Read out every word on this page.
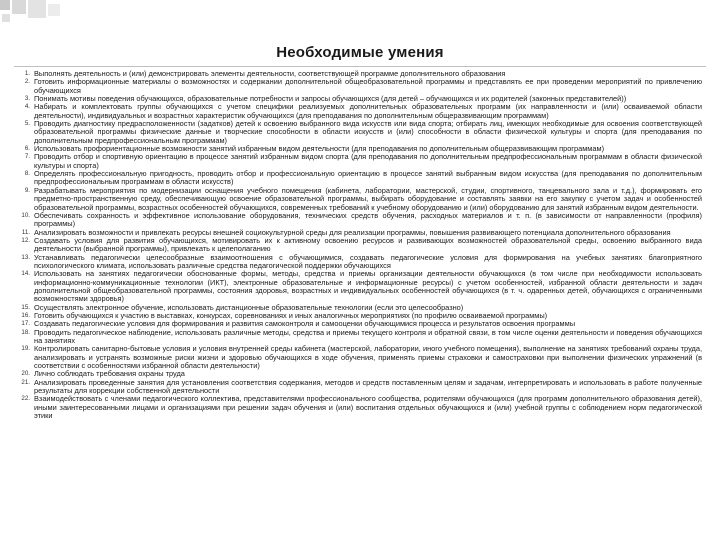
Необходимые умения
1. Выполнять деятельность и (или) демонстрировать элементы деятельности, соответствующей программе дополнительного образования
2. Готовить информационные материалы о возможностях и содержании дополнительной общеобразовательной программы и представлять ее при проведении мероприятий по привлечению обучающихся
3. Понимать мотивы поведения обучающихся, образовательные потребности и запросы обучающихся (для детей – обучающихся и их родителей (законных представителей))
4. Набирать и комплектовать группы обучающихся с учетом специфики реализуемых дополнительных образовательных программ (их направленности и (или) осваиваемой области деятельности), индивидуальных и возрастных характеристик обучающихся (для преподавания по дополнительным общеразвивающим программам)
5. Проводить диагностику предрасположенности (задатков) детей к освоению выбранного вида искусств или вида спорта; отбирать лиц, имеющих необходимые для освоения соответствующей образовательной программы физические данные и творческие способности в области искусств и (или) способности в области физической культуры и спорта (для преподавания по дополнительным предпрофессиональным программам)
6. Использовать профориентационные возможности занятий избранным видом деятельности (для преподавания по дополнительным общеразвивающим программам)
7. Проводить отбор и спортивную ориентацию в процессе занятий избранным видом спорта (для преподавания по дополнительным предпрофессиональным программам в области физической культуры и спорта)
8. Определять профессиональную пригодность, проводить отбор и профессиональную ориентацию в процессе занятий выбранным видом искусства (для преподавания по дополнительным предпрофессиональным программам в области искусств)
9. Разрабатывать мероприятия по модернизации оснащения учебного помещения (кабинета, лаборатории, мастерской, студии, спортивного, танцевального зала и т.д.), формировать его предметно-пространственную среду, обеспечивающую освоение образовательной программы, выбирать оборудование и составлять заявки на его закупку с учетом задач и особенностей образовательной программы, возрастных особенностей обучающихся, современных требований к учебному оборудованию и (или) оборудованию для занятий избранным видом деятельности.
10. Обеспечивать сохранность и эффективное использование оборудования, технических средств обучения, расходных материалов и т. п. (в зависимости от направленности (профиля) программы)
11. Анализировать возможности и привлекать ресурсы внешней социокультурной среды для реализации программы, повышения развивающего потенциала дополнительного образования
12. Создавать условия для развития обучающихся, мотивировать их к активному освоению ресурсов и развивающих возможностей образовательной среды, освоению выбранного вида деятельности (выбранной программы), привлекать к целеполаганию
13. Устанавливать педагогически целесообразные взаимоотношения с обучающимися, создавать педагогические условия для формирования на учебных занятиях благоприятного психологического климата, использовать различные средства педагогической поддержки обучающихся
14. Использовать на занятиях педагогически обоснованные формы, методы, средства и приемы организации деятельности обучающихся (в том числе при необходимости использовать информационно-коммуникационные технологии (ИКТ), электронные образовательные и информационные ресурсы) с учетом особенностей, избранной области деятельности и задач дополнительной общеобразовательной программы, состояния здоровья, возрастных и индивидуальных особенностей обучающихся (в т. ч. одаренных детей, обучающихся с ограниченными возможностями здоровья)
15. Осуществлять электронное обучение, использовать дистанционные образовательные технологии (если это целесообразно)
16. Готовить обучающихся к участию в выставках, конкурсах, соревнованиях и иных аналогичных мероприятиях (по профилю осваиваемой программы)
17. Создавать педагогические условия для формирования и развития самоконтроля и самооценки обучающимися процесса и результатов освоения программы
18. Проводить педагогическое наблюдение, использовать различные методы, средства и приемы текущего контроля и обратной связи, в том числе оценки деятельности и поведения обучающихся на занятиях
19. Контролировать санитарно-бытовые условия и условия внутренней среды кабинета (мастерской, лаборатории, иного учебного помещения), выполнение на занятиях требований охраны труда, анализировать и устранять возможные риски жизни и здоровью обучающихся в ходе обучения, применять приемы страховки и самостраховки при выполнении физических упражнений (в соответствии с особенностями избранной области деятельности)
20. Лично соблюдать требования охраны труда
21. Анализировать проведенные занятия для установления соответствия содержания, методов и средств поставленным целям и задачам, интерпретировать и использовать в работе полученные результаты для коррекции собственной деятельности
22. Взаимодействовать с членами педагогического коллектива, представителями профессионального сообщества, родителями обучающихся (для программ дополнительного образования детей), иными заинтересованными лицами и организациями при решении задач обучения и (или) воспитания отдельных обучающихся и (или) учебной группы с соблюдением норм педагогической этики
